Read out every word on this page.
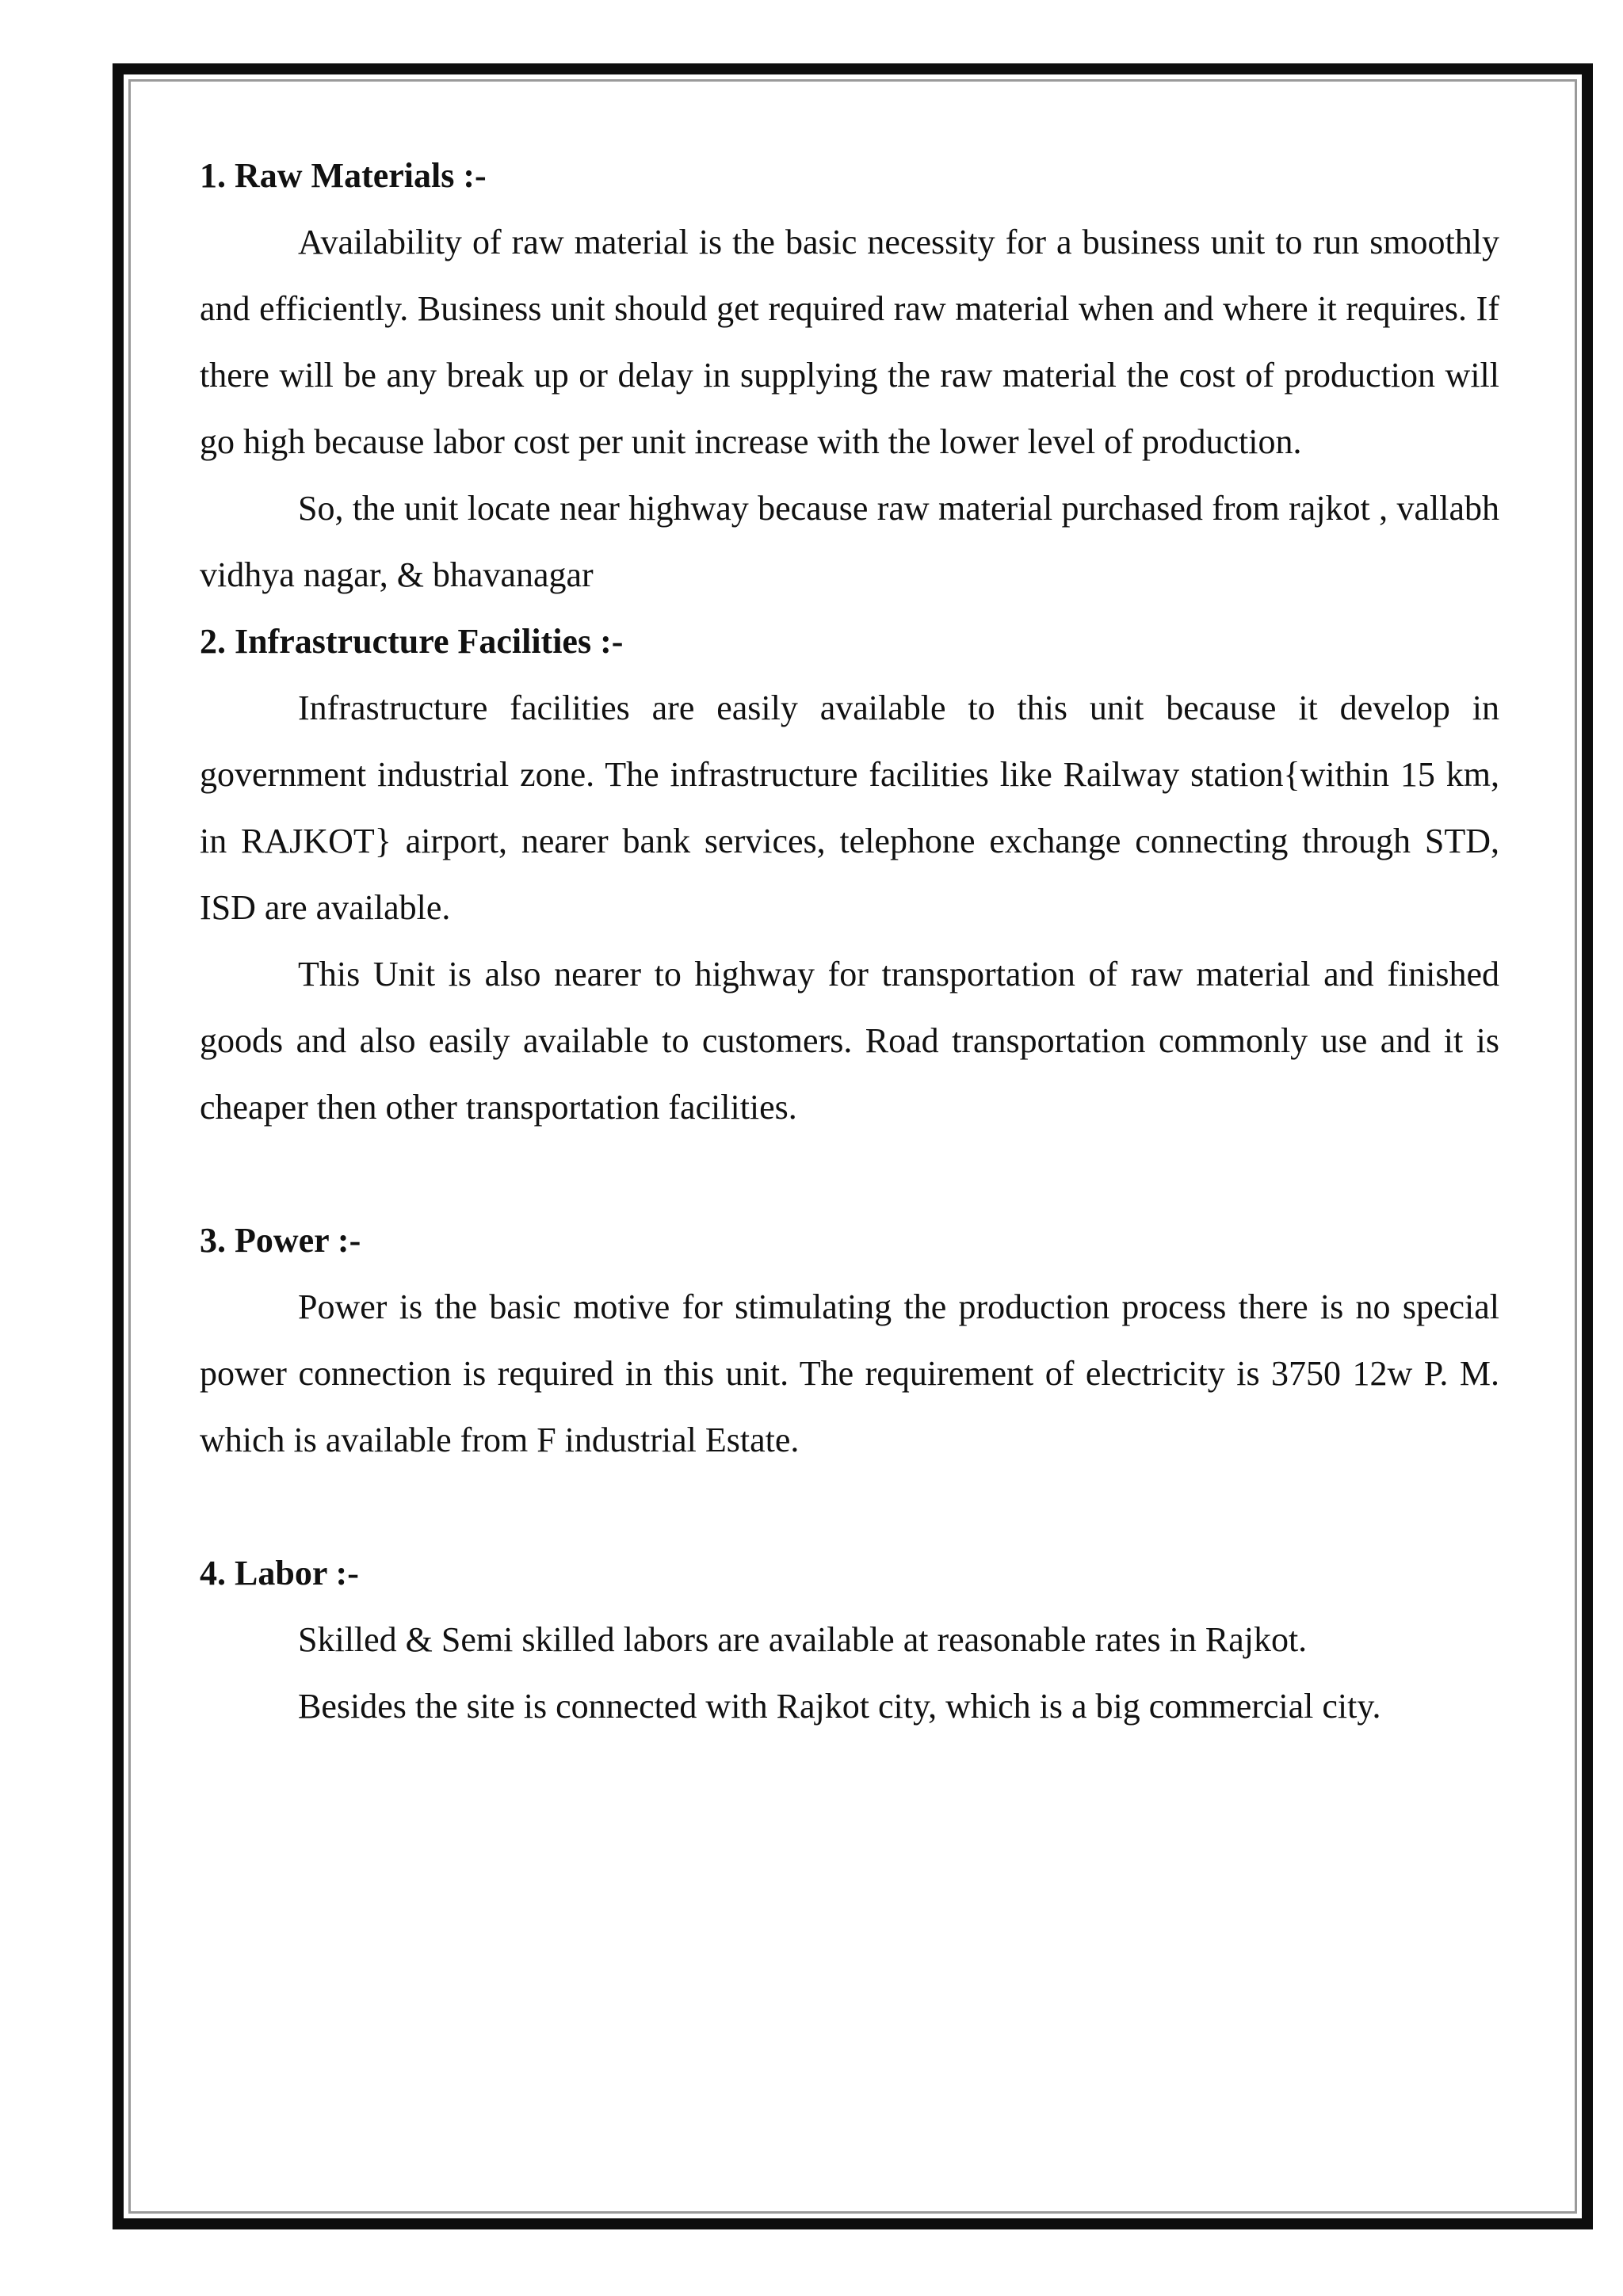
1. Raw Materials :-

Availability of raw material is the basic necessity for a business unit to run smoothly and efficiently. Business unit should get required raw material when and where it requires. If there will be any break up or delay in supplying the raw material the cost of production will go high because labor cost per unit increase with the lower level of production.

So, the unit locate near highway because raw material purchased from rajkot , vallabh vidhya nagar, & bhavanagar

2. Infrastructure Facilities :-

Infrastructure facilities are easily available to this unit because it develop in government industrial zone. The infrastructure facilities like Railway station{within 15 km, in RAJKOT} airport, nearer bank services, telephone exchange connecting through STD, ISD are available.

This Unit is also nearer to highway for transportation of raw material and finished goods and also easily available to customers. Road transportation commonly use and it is cheaper then other transportation facilities.

3. Power :-

Power is the basic motive for stimulating the production process there is no special power connection is required in this unit. The requirement of electricity is 3750 12w P. M. which is available from F industrial Estate.

4. Labor :-

Skilled & Semi skilled labors are available at reasonable rates in Rajkot.

Besides the site is connected with Rajkot city, which is a big commercial city.
